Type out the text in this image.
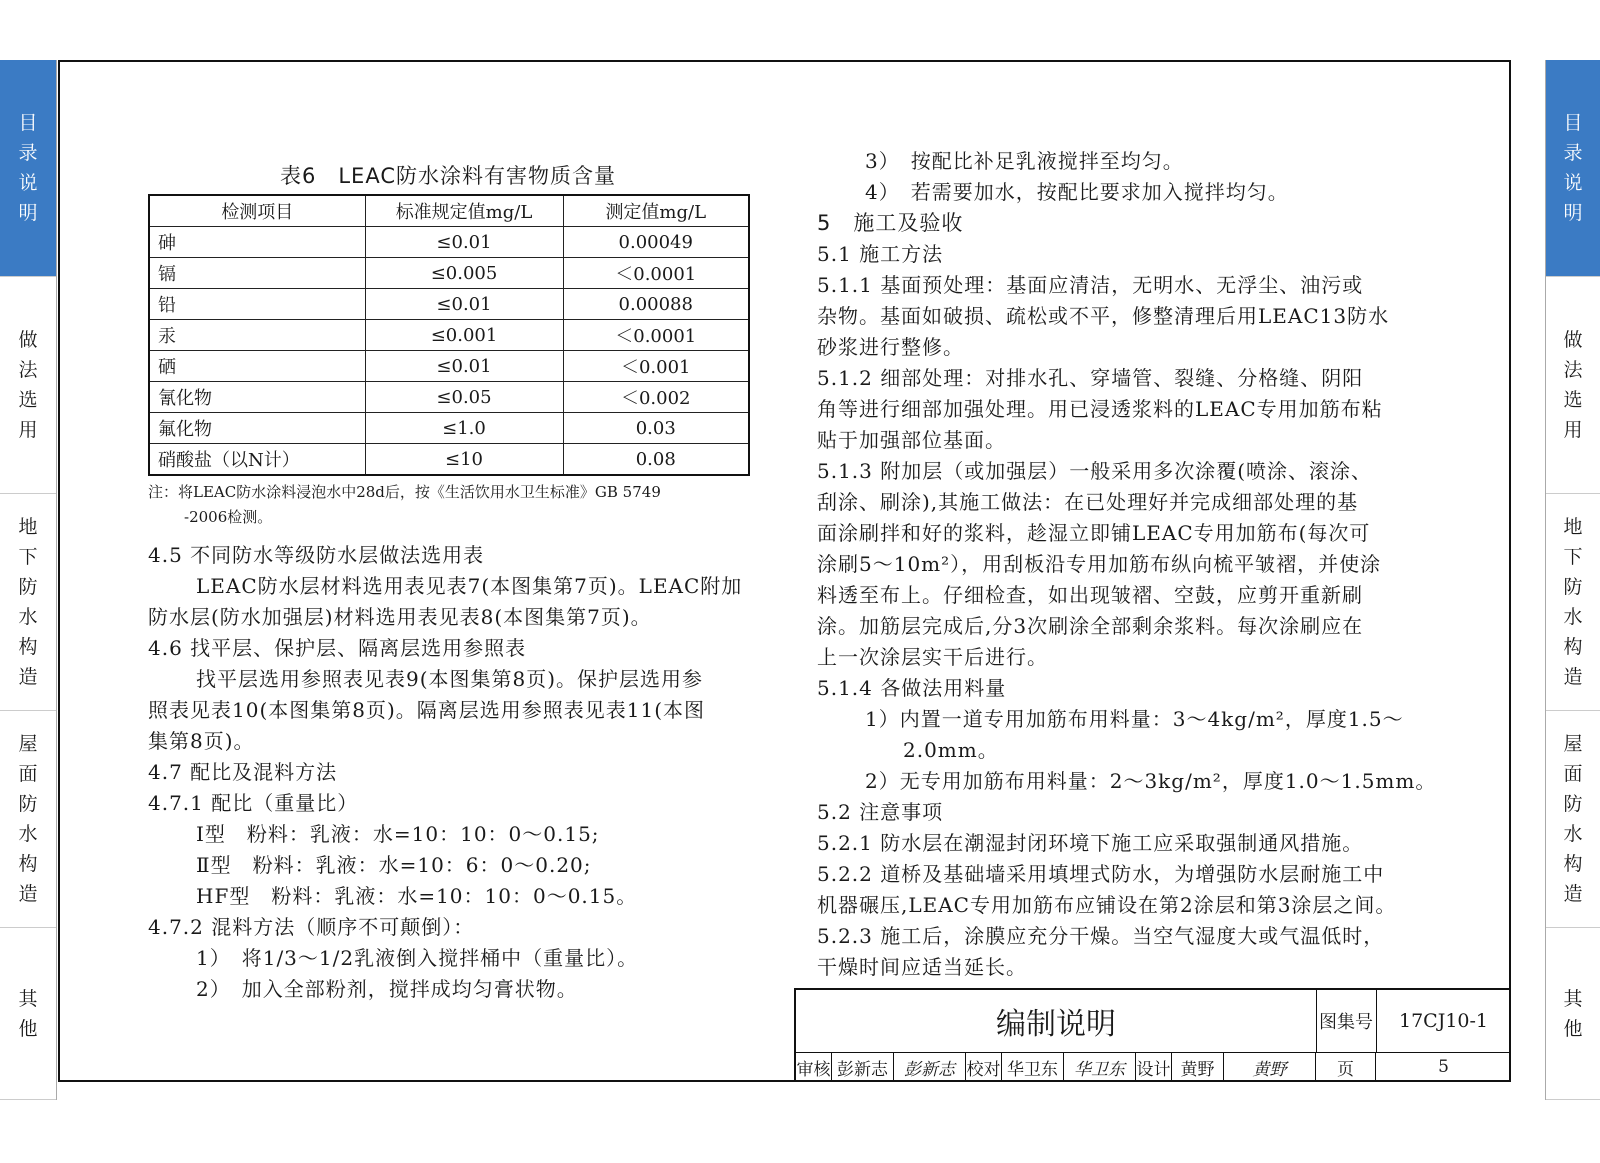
目
录
说
明
做
法
选
用
地
下
防
水
构
造
屋
面
防
水
构
造
其
他
目
录
说
明
做
法
选
用
地
下
防
水
构
造
屋
面
防
水
构
造
其
他
表6　LEAC防水涂料有害物质含量
检测项目	标准规定值mg/L	测定值mg/L
砷	≤0.01	0.00049
镉	≤0.005	＜0.0001
铅	≤0.01	0.00088
汞	≤0.001	＜0.0001
硒	≤0.01	＜0.001
氰化物	≤0.05	＜0.002
氟化物	≤1.0	0.03
硝酸盐（以N计）	≤10	0.08
注：将LEAC防水涂料浸泡水中28d后，按《生活饮用水卫生标准》GB 5749
-2006检测。

4.5 不同防水等级防水层做法选用表

LEAC防水层材料选用表见表7(本图集第7页)。LEAC附加

防水层(防水加强层)材料选用表见表8(本图集第7页)。

4.6 找平层、保护层、隔离层选用参照表

找平层选用参照表见表9(本图集第8页)。保护层选用参

照表见表10(本图集第8页)。隔离层选用参照表见表11(本图

集第8页)。

4.7 配比及混料方法

4.7.1 配比（重量比）

Ⅰ型　粉料：乳液：水=10：10：0～0.15;

Ⅱ型　粉料：乳液：水=10：6：0～0.20;

HF型　粉料：乳液：水=10：10：0～0.15。

4.7.2 混料方法（顺序不可颠倒）：

1）　将1/3～1/2乳液倒入搅拌桶中（重量比）。

2）　加入全部粉剂，搅拌成均匀膏状物。

3）　按配比补足乳液搅拌至均匀。

4）　若需要加水，按配比要求加入搅拌均匀。

5　施工及验收

5.1 施工方法

5.1.1 基面预处理：基面应清洁，无明水、无浮尘、油污或

杂物。基面如破损、疏松或不平，修整清理后用LEAC13防水

砂浆进行整修。

5.1.2 细部处理：对排水孔、穿墙管、裂缝、分格缝、阴阳

角等进行细部加强处理。用已浸透浆料的LEAC专用加筋布粘

贴于加强部位基面。

5.1.3 附加层（或加强层）一般采用多次涂覆(喷涂、滚涂、

刮涂、刷涂),其施工做法：在已处理好并完成细部处理的基

面涂刷拌和好的浆料，趁湿立即铺LEAC专用加筋布(每次可

涂刷5～10m²），用刮板沿专用加筋布纵向梳平皱褶，并使涂

料透至布上。仔细检查，如出现皱褶、空鼓，应剪开重新刷

涂。加筋层完成后,分3次刷涂全部剩余浆料。每次涂刷应在

上一次涂层实干后进行。

5.1.4 各做法用料量

1）内置一道专用加筋布用料量：3～4kg/m²，厚度1.5～

2.0mm。

2）无专用加筋布用料量：2～3kg/m²，厚度1.0～1.5mm。

5.2 注意事项

5.2.1 防水层在潮湿封闭环境下施工应采取强制通风措施。

5.2.2 道桥及基础墙采用填埋式防水，为增强防水层耐施工中

机器碾压,LEAC专用加筋布应铺设在第2涂层和第3涂层之间。

5.2.3 施工后，涂膜应充分干燥。当空气湿度大或气温低时，

干燥时间应适当延长。

编制说明	图集号	17CJ10-1
审核 彭新志 彭新志 校对 华卫东 华卫东 设计 黄野	黄野	页	5
